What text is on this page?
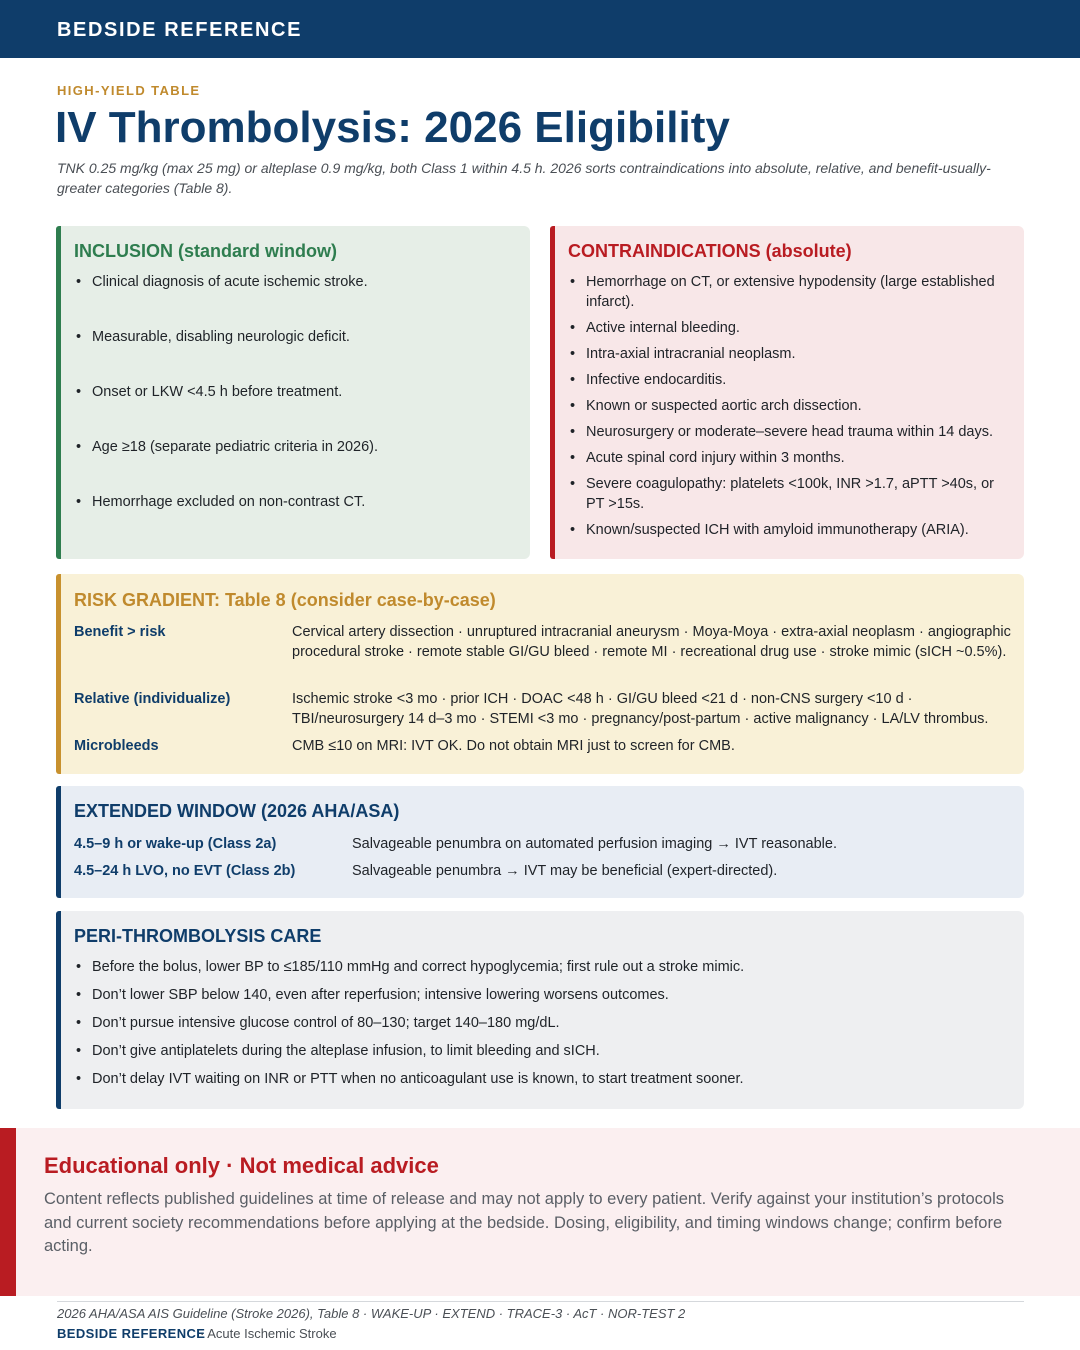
BEDSIDE REFERENCE
HIGH-YIELD TABLE
IV Thrombolysis: 2026 Eligibility

TNK 0.25 mg/kg (max 25 mg) or alteplase 0.9 mg/kg, both Class 1 within 4.5 h. 2026 sorts contraindications into absolute, relative, and benefit-usually-greater categories (Table 8).

INCLUSION (standard window)
• Clinical diagnosis of acute ischemic stroke.
• Measurable, disabling neurologic deficit.
• Onset or LKW <4.5 h before treatment.
• Age ≥18 (separate pediatric criteria in 2026).
• Hemorrhage excluded on non-contrast CT.
CONTRAINDICATIONS (absolute)
• Hemorrhage on CT, or extensive hypodensity (large established infarct).
• Active internal bleeding.
• Intra-axial intracranial neoplasm.
• Infective endocarditis.
• Known or suspected aortic arch dissection.
• Neurosurgery or moderate–severe head trauma within 14 days.
• Acute spinal cord injury within 3 months.
• Severe coagulopathy: platelets <100k, INR >1.7, aPTT >40s, or PT >15s.
• Known/suspected ICH with amyloid immunotherapy (ARIA).
RISK GRADIENT: Table 8 (consider case-by-case)
Benefit > risk	Cervical artery dissection · unruptured intracranial aneurysm · Moya-Moya · extra-axial neoplasm · angiographic procedural stroke · remote stable GI/GU bleed · remote MI · recreational drug use · stroke mimic (sICH ~0.5%).
Relative (individualize)	Ischemic stroke <3 mo · prior ICH · DOAC <48 h · GI/GU bleed <21 d · non-CNS surgery <10 d · TBI/neurosurgery 14 d–3 mo · STEMI <3 mo · pregnancy/post-partum · active malignancy · LA/LV thrombus.
Microbleeds	CMB ≤10 on MRI: IVT OK. Do not obtain MRI just to screen for CMB.
EXTENDED WINDOW (2026 AHA/ASA)
4.5–9 h or wake-up (Class 2a)	Salvageable penumbra on automated perfusion imaging → IVT reasonable.
4.5–24 h LVO, no EVT (Class 2b)	Salvageable penumbra → IVT may be beneficial (expert-directed).
PERI-THROMBOLYSIS CARE
• Before the bolus, lower BP to ≤185/110 mmHg and correct hypoglycemia; first rule out a stroke mimic.
• Don’t lower SBP below 140, even after reperfusion; intensive lowering worsens outcomes.
• Don’t pursue intensive glucose control of 80–130; target 140–180 mg/dL.
• Don’t give antiplatelets during the alteplase infusion, to limit bleeding and sICH.
• Don’t delay IVT waiting on INR or PTT when no anticoagulant use is known, to start treatment sooner.
Educational only · Not medical advice

Content reflects published guidelines at time of release and may not apply to every patient. Verify against your institution’s protocols and current society recommendations before applying at the bedside. Dosing, eligibility, and timing windows change; confirm before acting.

2026 AHA/ASA AIS Guideline (Stroke 2026), Table 8 · WAKE-UP · EXTEND · TRACE-3 · AcT · NOR-TEST 2
BEDSIDE REFERENCE
· Acute Ischemic Stroke
